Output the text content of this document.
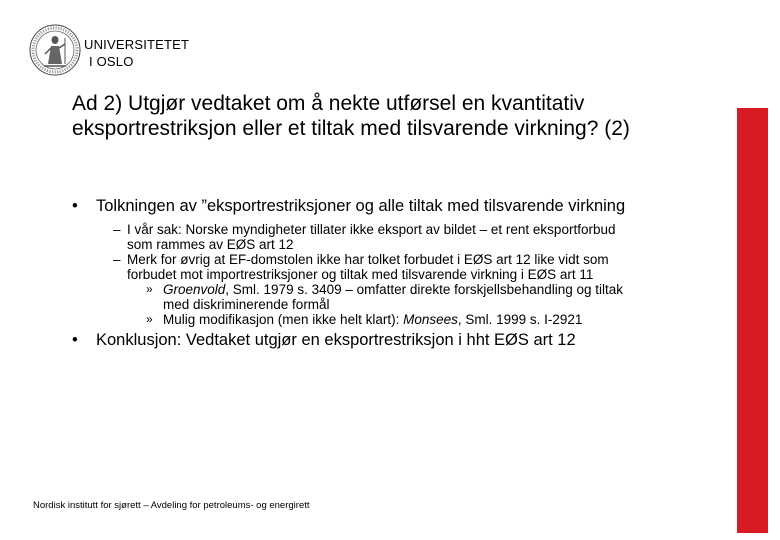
UNIVERSITETET
I OSLO
Ad 2) Utgjør vedtaket om å nekte utførsel en kvantitativ eksportrestriksjon eller et tiltak med tilsvarende virkning? (2)
• Tolkningen av ”eksportrestriksjoner og alle tiltak med tilsvarende virkning
– I vår sak: Norske myndigheter tillater ikke eksport av bildet – et rent eksportforbud som rammes av EØS art 12
– Merk for øvrig at EF-domstolen ikke har tolket forbudet i EØS art 12 like vidt som forbudet mot importrestriksjoner og tiltak med tilsvarende virkning i EØS art 11
» Groenvold, Sml. 1979 s. 3409 – omfatter direkte forskjellsbehandling og tiltak med diskriminerende formål
» Mulig modifikasjon (men ikke helt klart): Monsees, Sml. 1999 s. I-2921
• Konklusjon: Vedtaket utgjør en eksportrestriksjon i hht EØS art 12
Nordisk institutt for sjørett – Avdeling for petroleums- og energirett
